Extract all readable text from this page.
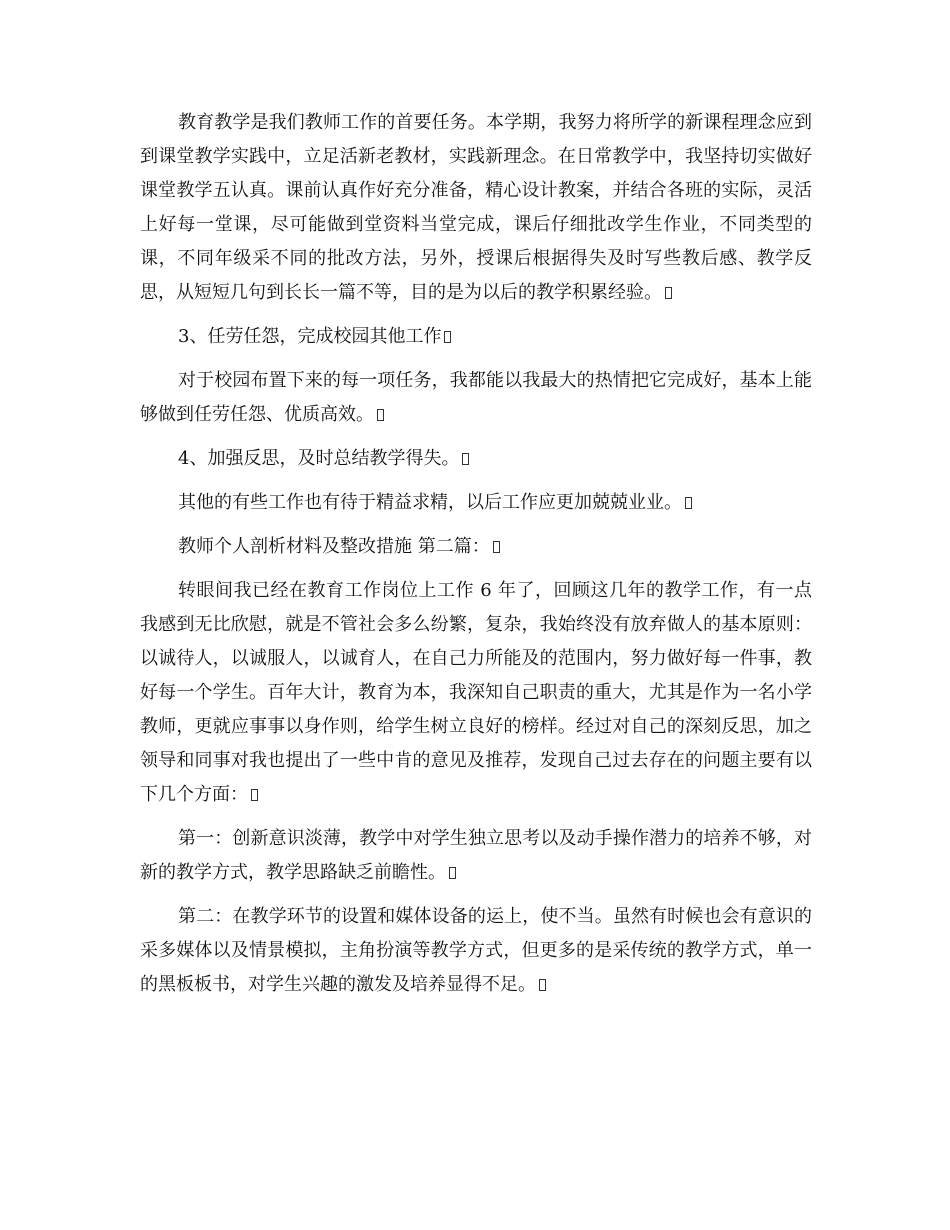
教育教学是我们教师工作的首要任务。本学期，我努力将所学的新课程理念应到到课堂教学实践中，立足活新老教材，实践新理念。在日常教学中，我坚持切实做好课堂教学五认真。课前认真作好充分准备，精心设计教案，并结合各班的实际，灵活上好每一堂课，尽可能做到堂资料当堂完成，课后仔细批改学生作业，不同类型的课，不同年级采不同的批改方法，另外，授课后根据得失及时写些教后感、教学反思，从短短几句到长长一篇不等，目的是为以后的教学积累经验。

3、任劳任怨，完成校园其他工作

对于校园布置下来的每一项任务，我都能以我最大的热情把它完成好，基本上能够做到任劳任怨、优质高效。

4、加强反思，及时总结教学得失。

其他的有些工作也有待于精益求精，以后工作应更加兢兢业业。

教师个人剖析材料及整改措施 第二篇：

转眼间我已经在教育工作岗位上工作 6 年了，回顾这几年的教学工作，有一点我感到无比欣慰，就是不管社会多么纷繁，复杂，我始终没有放弃做人的基本原则：以诚待人，以诚服人，以诚育人，在自己力所能及的范围内，努力做好每一件事，教好每一个学生。百年大计，教育为本，我深知自己职责的重大，尤其是作为一名小学教师，更就应事事以身作则，给学生树立良好的榜样。经过对自己的深刻反思，加之领导和同事对我也提出了一些中肯的意见及推荐，发现自己过去存在的问题主要有以下几个方面：

第一：创新意识淡薄，教学中对学生独立思考以及动手操作潜力的培养不够，对新的教学方式，教学思路缺乏前瞻性。

第二：在教学环节的设置和媒体设备的运上，使不当。虽然有时候也会有意识的采多媒体以及情景模拟，主角扮演等教学方式，但更多的是采传统的教学方式，单一的黑板板书，对学生兴趣的激发及培养显得不足。
